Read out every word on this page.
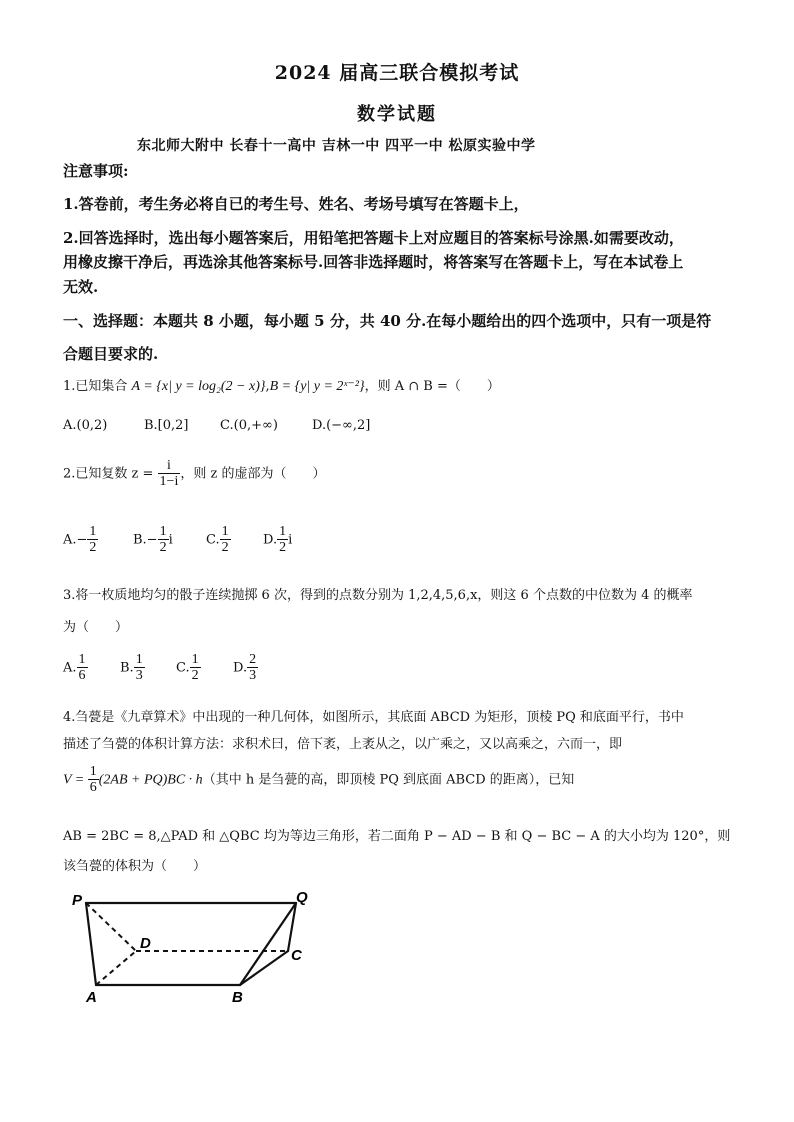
2024 届高三联合模拟考试
数学试题
东北师大附中 长春十一高中 吉林一中 四平一中 松原实验中学
注意事项:
1.答卷前，考生务必将自已的考生号、姓名、考场号填写在答题卡上，
2.回答选择时，选出每小题答案后，用铅笔把答题卡上对应题目的答案标号涂黑.如需要改动，
用橡皮擦干净后，再选涂其他答案标号.回答非选择题时，将答案写在答题卡上，写在本试卷上
无效.
一、选择题：本题共 8 小题，每小题 5 分，共 40 分.在每小题给出的四个选项中，只有一项是符
合题目要求的.
1.已知集合 A = {x| y = log₂(2 − x)},B = {y| y = 2ˣ⁻²}，则 A ∩ B =（　　）
A.(0,2)	B.[0,2] C.(0,+∞)	D.(−∞,2]
2.已知复数 $z = \frac{i}{1-i}$ ，则 z 的虚部为（　　）
$A.- \frac{1}{2}$	$B.- \frac{1}{2}$ i	C. $\frac{1}{2} D$. $\frac{1}{2}$ i
3.将一枚质地均匀的骰子连续抛掷 6 次，得到的点数分别为 1,2,4,5,6,x，则这 6 个点数的中位数为 4 的概率
为（　　）
A. $\frac{1}{6} B$. $\frac{1}{3} C$. $\frac{1}{2} D$. $\frac{2}{3}$
4.刍甍是《九章算术》中出现的一种几何体，如图所示，其底面 ABCD 为矩形，顶棱 PQ 和底面平行，书中
描述了刍甍的体积计算方法：求积术曰，倍下袤，上袤从之，以广乘之，又以高乘之，六而一，即
$V = \frac{1}{6} (2AB + PQ)BC \cdot h$（其中 h 是刍甍的高，即顶棱 PQ 到底面 ABCD 的距离），已知
AB = 2BC = 8,△PAD 和 △QBC 均为等边三角形，若二面角 P − AD − B 和 Q − BC − A 的大小均为 120°，则
该刍甍的体积为（　　）
P	Q
D
C
A	B
